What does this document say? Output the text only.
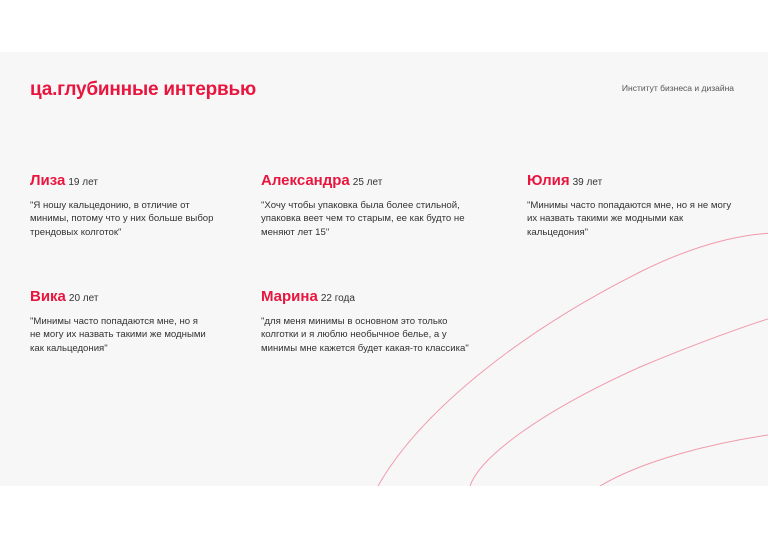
ца.глубинные интервью	Институт бизнеса и дизайна
Лиза 19 лет
"Я ношу кальцедонию, в отличие от минимы, потому что у них больше выбор трендовых колготок"
Александра 25 лет
"Хочу чтобы упаковка была более стильной, упаковка веет чем то старым, ее как будто не меняют лет 15"
Юлия 39 лет
"Минимы часто попадаются мне, но я не могу их назвать такими же модными как кальцедония"
Вика 20 лет
"Минимы часто попадаются мне, но я не могу их назвать такими же модными как кальцедония"
Марина 22 года
"для меня минимы в основном это только колготки и я люблю необычное белье, а у минимы мне кажется будет какая-то классика"
